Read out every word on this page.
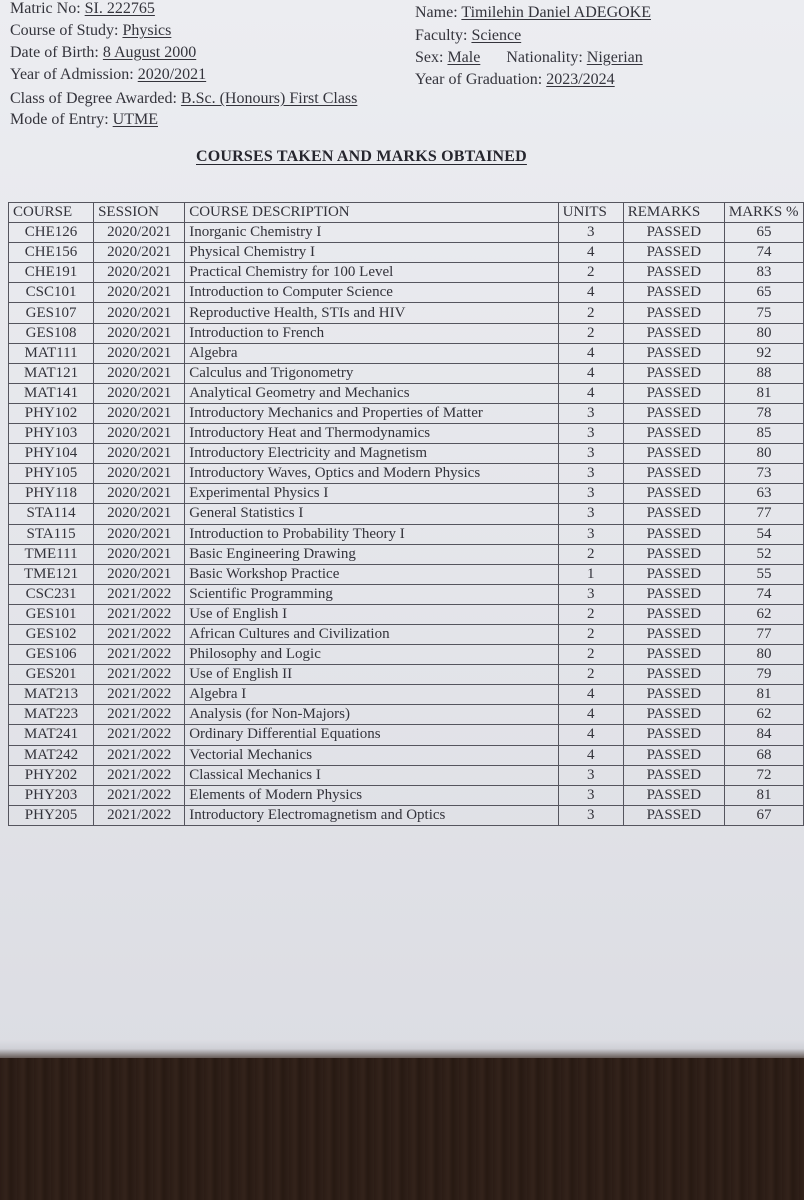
Matric No: SI. 222765
Course of Study: Physics
Date of Birth: 8 August 2000
Year of Admission: 2020/2021
Class of Degree Awarded: B.Sc. (Honours) First Class
Mode of Entry: UTME
Name: Timilehin Daniel ADEGOKE
Faculty: Science
Sex: Male Nationality: Nigerian
Year of Graduation: 2023/2024
COURSES TAKEN AND MARKS OBTAINED
COURSE	SESSION	COURSE DESCRIPTION	UNITS	REMARKS	MARKS %
CHE126	2020/2021	Inorganic Chemistry I	3	PASSED	65
CHE156	2020/2021	Physical Chemistry I	4	PASSED	74
CHE191	2020/2021	Practical Chemistry for 100 Level	2	PASSED	83
CSC101	2020/2021	Introduction to Computer Science	4	PASSED	65
GES107	2020/2021	Reproductive Health, STIs and HIV	2	PASSED	75
GES108	2020/2021	Introduction to French	2	PASSED	80
MAT111	2020/2021	Algebra	4	PASSED	92
MAT121	2020/2021	Calculus and Trigonometry	4	PASSED	88
MAT141	2020/2021	Analytical Geometry and Mechanics	4	PASSED	81
PHY102	2020/2021	Introductory Mechanics and Properties of Matter	3	PASSED	78
PHY103	2020/2021	Introductory Heat and Thermodynamics	3	PASSED	85
PHY104	2020/2021	Introductory Electricity and Magnetism	3	PASSED	80
PHY105	2020/2021	Introductory Waves, Optics and Modern Physics	3	PASSED	73
PHY118	2020/2021	Experimental Physics I	3	PASSED	63
STA114	2020/2021	General Statistics I	3	PASSED	77
STA115	2020/2021	Introduction to Probability Theory I	3	PASSED	54
TME111	2020/2021	Basic Engineering Drawing	2	PASSED	52
TME121	2020/2021	Basic Workshop Practice	1	PASSED	55
CSC231	2021/2022	Scientific Programming	3	PASSED	74
GES101	2021/2022	Use of English I	2	PASSED	62
GES102	2021/2022	African Cultures and Civilization	2	PASSED	77
GES106	2021/2022	Philosophy and Logic	2	PASSED	80
GES201	2021/2022	Use of English II	2	PASSED	79
MAT213	2021/2022	Algebra I	4	PASSED	81
MAT223	2021/2022	Analysis (for Non-Majors)	4	PASSED	62
MAT241	2021/2022	Ordinary Differential Equations	4	PASSED	84
MAT242	2021/2022	Vectorial Mechanics	4	PASSED	68
PHY202	2021/2022	Classical Mechanics I	3	PASSED	72
PHY203	2021/2022	Elements of Modern Physics	3	PASSED	81
PHY205	2021/2022	Introductory Electromagnetism and Optics	3	PASSED	67
